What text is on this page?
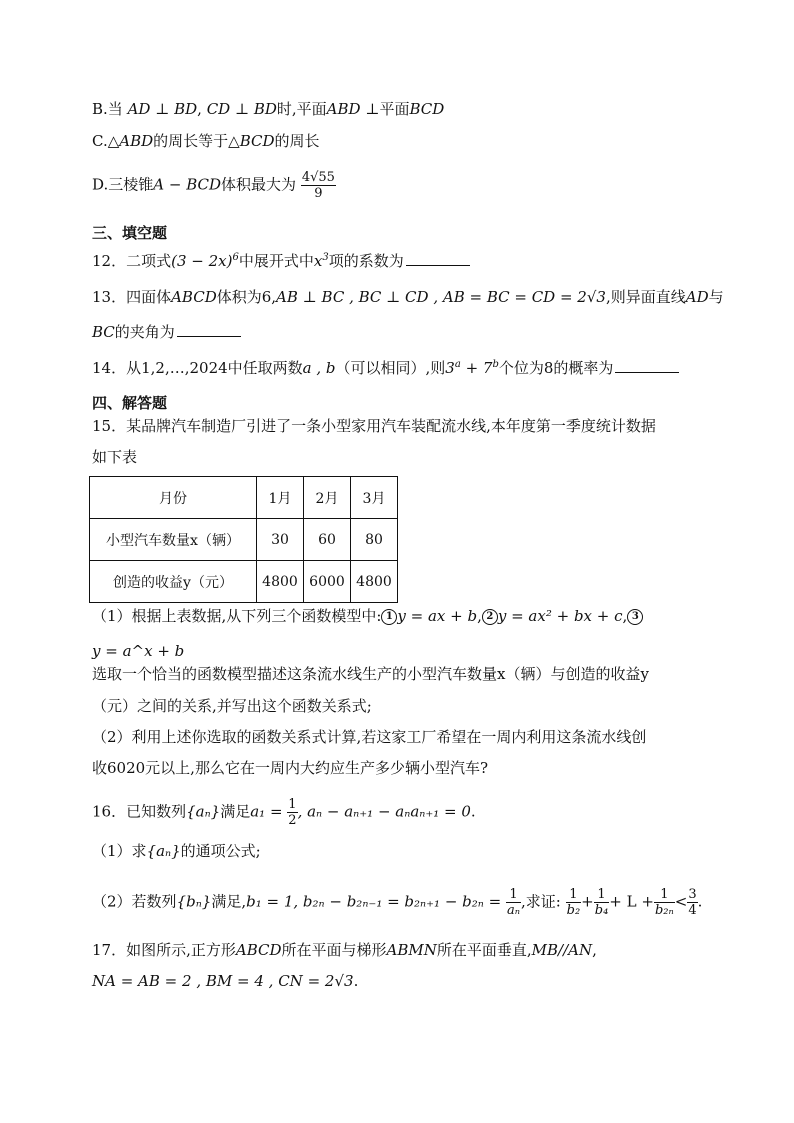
B.当 AD ⊥ BD, CD ⊥ BD时,平面ABD ⊥平面BCD
C.△ABD的周长等于△BCD的周长
D.三棱锥A − BCD体积最大为 $\frac{4√55}{9}$
三、填空题
12．二项式$(3 - 2x)^6$中展开式中$x^3$项的系数为
13．四面体ABCD体积为6,AB ⊥ BC , BC ⊥ CD , AB = BC = CD = 2√3,则异面直线AD与
BC的夹角为
14．从1,2,…,2024中任取两数a , b（可以相同）,则$3^a + 7^b$个位为8的概率为
四、解答题
15．某品牌汽车制造厂引进了一条小型家用汽车装配流水线,本年度第一季度统计数据
如下表
月份	1月	2月	3月
小型汽车数量x（辆）	30	60	80
创造的收益y（元）	4800	6000	4800
（1）根据上表数据,从下列三个函数模型中: 1 y = ax + b, 2 y = ax² + bx + c, 3
y = a^x + b
选取一个恰当的函数模型描述这条流水线生产的小型汽车数量x（辆）与创造的收益y
（元）之间的关系,并写出这个函数关系式;
（2）利用上述你选取的函数关系式计算,若这家工厂希望在一周内利用这条流水线创
收6020元以上,那么它在一周内大约应生产多少辆小型汽车?
16．已知数列{aₙ}满足$a_1 = \frac{1}{2}$ , aₙ − aₙ₊₁ − aₙaₙ₊₁ = 0.
（1）求{aₙ}的通项公式;
（2）若数列{bₙ}满足,b₁ = 1, $b_{2n} - b_{2n-1} = b_{2n+1} - b_{2n} = \frac{1}{\text{aₙ}}$ ,求证: $\frac{1}{\text{b₂}} + \frac{1}{\text{b₄}} + L + \frac{1}{\text{b₂ₙ}} < \frac{3}{4}$ .
17．如图所示,正方形ABCD所在平面与梯形ABMN所在平面垂直,MB//AN,
NA = AB = 2 , BM = 4 , CN = 2√3.
